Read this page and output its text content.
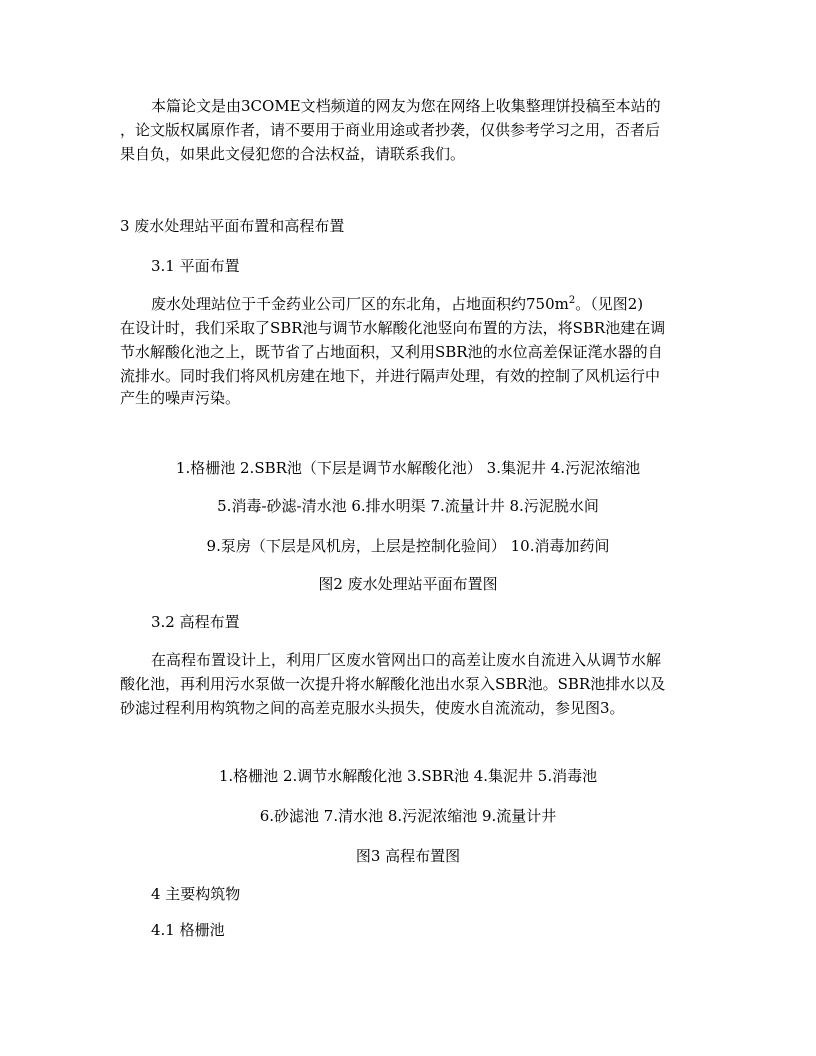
本篇论文是由3COME文档频道的网友为您在网络上收集整理饼投稿至本站的
，论文版权属原作者，请不要用于商业用途或者抄袭，仅供参考学习之用，否者后
果自负，如果此文侵犯您的合法权益，请联系我们。
3 废水处理站平面布置和高程布置
3.1 平面布置
废水处理站位于千金药业公司厂区的东北角，占地面积约$750m^2$。（见图2)
在设计时，我们采取了SBR池与调节水解酸化池竖向布置的方法，将SBR池建在调
节水解酸化池之上，既节省了占地面积，又利用SBR池的水位高差保证滗水器的自
流排水。同时我们将风机房建在地下，并进行隔声处理，有效的控制了风机运行中
产生的噪声污染。
1.格栅池 2.SBR池（下层是调节水解酸化池） 3.集泥井 4.污泥浓缩池
5.消毒-砂滤-清水池 6.排水明渠 7.流量计井 8.污泥脱水间
9.泵房（下层是风机房，上层是控制化验间） 10.消毒加药间
图2 废水处理站平面布置图
3.2 高程布置
在高程布置设计上，利用厂区废水管网出口的高差让废水自流进入从调节水解
酸化池，再利用污水泵做一次提升将水解酸化池出水泵入SBR池。SBR池排水以及
砂滤过程利用构筑物之间的高差克服水头损失，使废水自流流动，参见图3。
1.格栅池 2.调节水解酸化池 3.SBR池 4.集泥井 5.消毒池
6.砂滤池 7.清水池 8.污泥浓缩池 9.流量计井
图3 高程布置图
4 主要构筑物
4.1 格栅池
